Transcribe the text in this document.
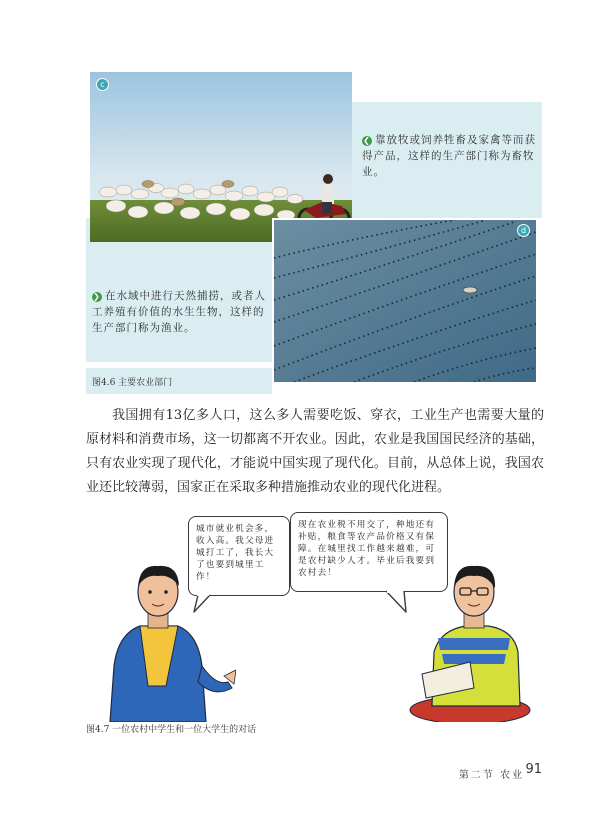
c
d
❮ 靠放牧或饲养牲畜及家禽等而获得产品，这样的生产部门称为畜牧业。
❯ 在水域中进行天然捕捞，或者人工养殖有价值的水生生物，这样的生产部门称为渔业。
图4.6 主要农业部门
我国拥有13亿多人口，这么多人需要吃饭、穿衣，工业生产也需要大量的原材料和消费市场，这一切都离不开农业。因此，农业是我国国民经济的基础，只有农业实现了现代化，才能说中国实现了现代化。目前，从总体上说，我国农业还比较薄弱，国家正在采取多种措施推动农业的现代化进程。
城市就业机会多，收入高。我父母进城打工了，我长大了也要到城里工作！
现在农业税不用交了，种地还有补贴，粮食等农产品价格又有保障。在城里找工作越来越难，可是农村缺少人才。毕业后我要到农村去！
图4.7 一位农村中学生和一位大学生的对话
第二节 农业 91
